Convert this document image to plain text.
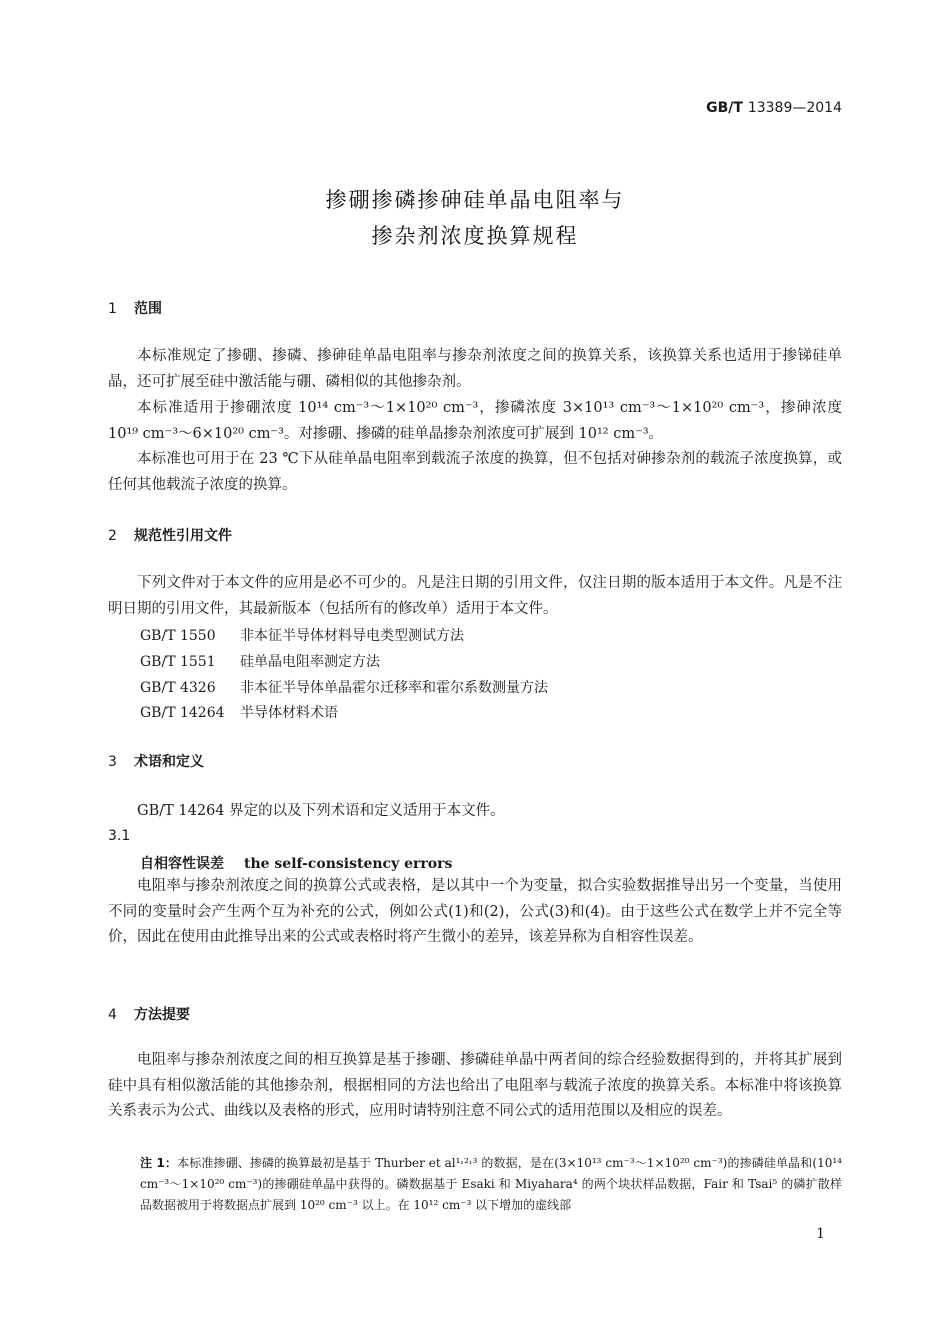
GB/T 13389—2014
掺硼掺磷掺砷硅单晶电阻率与
掺杂剂浓度换算规程
1 范围
本标准规定了掺硼、掺磷、掺砷硅单晶电阻率与掺杂剂浓度之间的换算关系，该换算关系也适用于掺锑硅单晶，还可扩展至硅中激活能与硼、磷相似的其他掺杂剂。
本标准适用于掺硼浓度 10¹⁴ cm⁻³～1×10²⁰ cm⁻³，掺磷浓度 3×10¹³ cm⁻³～1×10²⁰ cm⁻³，掺砷浓度 10¹⁹ cm⁻³～6×10²⁰ cm⁻³。对掺硼、掺磷的硅单晶掺杂剂浓度可扩展到 10¹² cm⁻³。
本标准也可用于在 23 ℃下从硅单晶电阻率到载流子浓度的换算，但不包括对砷掺杂剂的载流子浓度换算，或任何其他载流子浓度的换算。
2 规范性引用文件
下列文件对于本文件的应用是必不可少的。凡是注日期的引用文件，仅注日期的版本适用于本文件。凡是不注明日期的引用文件，其最新版本（包括所有的修改单）适用于本文件。
GB/T 1550 非本征半导体材料导电类型测试方法
GB/T 1551 硅单晶电阻率测定方法
GB/T 4326 非本征半导体单晶霍尔迁移率和霍尔系数测量方法
GB/T 14264 半导体材料术语
3 术语和定义
GB/T 14264 界定的以及下列术语和定义适用于本文件。
3.1
自相容性误差 the self-consistency errors
电阻率与掺杂剂浓度之间的换算公式或表格，是以其中一个为变量，拟合实验数据推导出另一个变量，当使用不同的变量时会产生两个互为补充的公式，例如公式(1)和(2)，公式(3)和(4)。由于这些公式在数学上并不完全等价，因此在使用由此推导出来的公式或表格时将产生微小的差异，该差异称为自相容性误差。
4 方法提要
电阻率与掺杂剂浓度之间的相互换算是基于掺硼、掺磷硅单晶中两者间的综合经验数据得到的，并将其扩展到硅中具有相似激活能的其他掺杂剂，根据相同的方法也给出了电阻率与载流子浓度的换算关系。本标准中将该换算关系表示为公式、曲线以及表格的形式，应用时请特别注意不同公式的适用范围以及相应的误差。
注 1：本标准掺硼、掺磷的换算最初是基于 Thurber et al¹˒²˒³ 的数据，是在(3×10¹³ cm⁻³～1×10²⁰ cm⁻³)的掺磷硅单晶和(10¹⁴ cm⁻³～1×10²⁰ cm⁻³)的掺硼硅单晶中获得的。磷数据基于 Esaki 和 Miyahara⁴ 的两个块状样品数据，Fair 和 Tsai⁵ 的磷扩散样品数据被用于将数据点扩展到 10²⁰ cm⁻³ 以上。在 10¹² cm⁻³ 以下增加的虚线部
1
